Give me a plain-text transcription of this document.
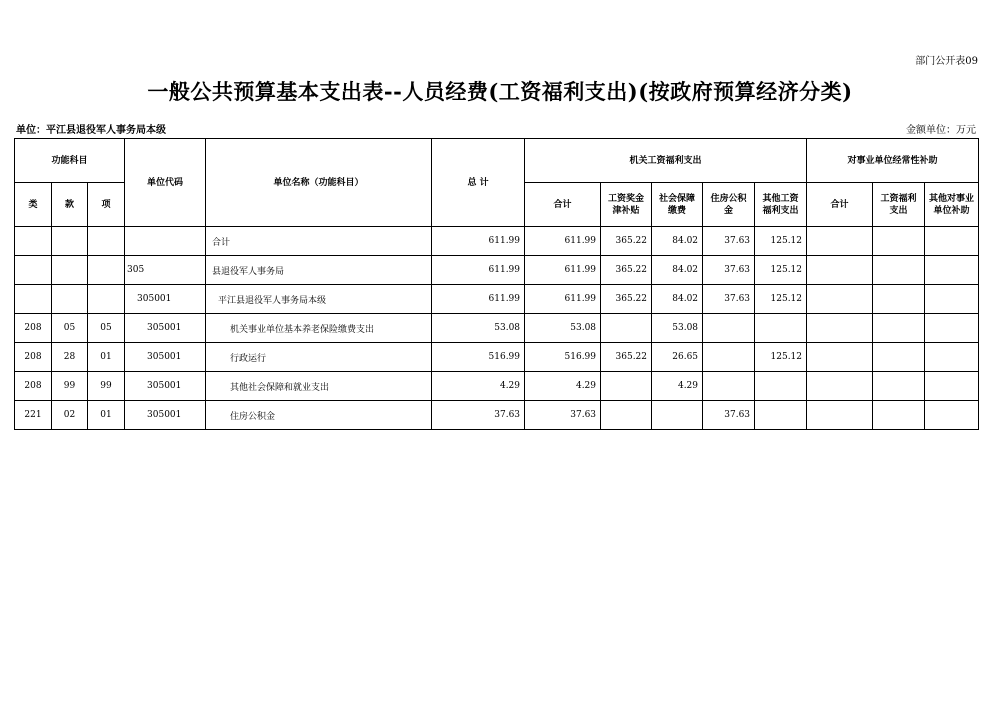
部门公开表09
一般公共预算基本支出表--人员经费(工资福利支出)(按政府预算经济分类)
单位：平江县退役军人事务局本级	金额单位：万元
功能科目			单位代码	单位名称（功能科目）	总 计	机关工资福利支出					对事业单位经常性补助		
类	款	项				合计	工资奖金津补贴	社会保障缴费	住房公积金	其他工资福利支出	合计	工资福利支出	其他对事业单位补助
				合计	611.99	611.99	365.22	84.02	37.63	125.12			
			305	县退役军人事务局	611.99	611.99	365.22	84.02	37.63	125.12			
			305001	平江县退役军人事务局本级	611.99	611.99	365.22	84.02	37.63	125.12			
208	05	05	305001	机关事业单位基本养老保险缴费支出	53.08	53.08		53.08					
208	28	01	305001	行政运行	516.99	516.99	365.22	26.65		125.12			
208	99	99	305001	其他社会保障和就业支出	4.29	4.29		4.29					
221	02	01	305001	住房公积金	37.63	37.63			37.63				
